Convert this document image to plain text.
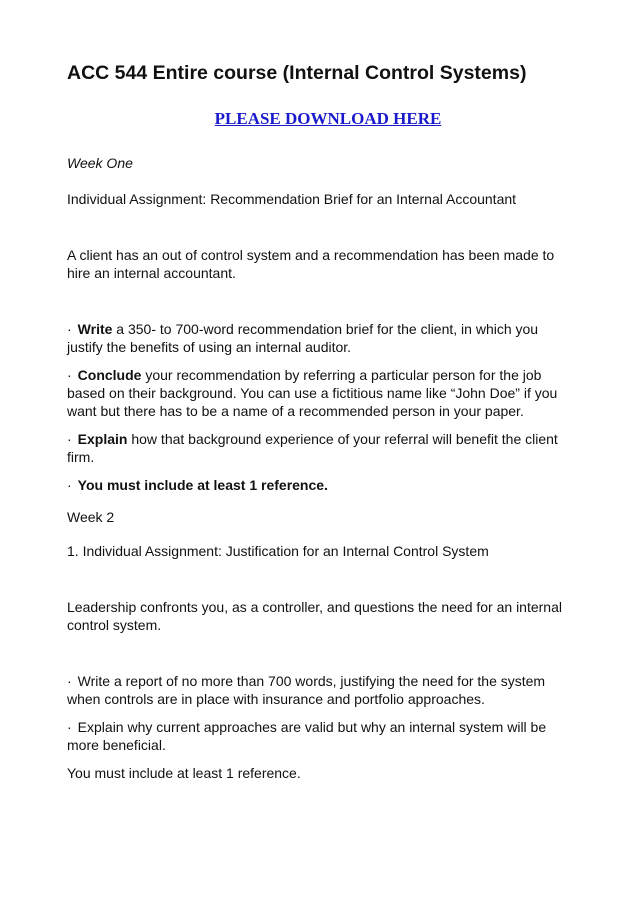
ACC 544 Entire course (Internal Control Systems)
PLEASE DOWNLOAD HERE

Week One

Individual Assignment: Recommendation Brief for an Internal Accountant

A client has an out of control system and a recommendation has been made to

hire an internal accountant.

· Write a 350- to 700-word recommendation brief for the client, in which you

justify the benefits of using an internal auditor.

· Conclude your recommendation by referring a particular person for the job

based on their background. You can use a fictitious name like “John Doe” if you

want but there has to be a name of a recommended person in your paper.

· Explain how that background experience of your referral will benefit the client

firm.

· You must include at least 1 reference.

Week 2

1. Individual Assignment: Justification for an Internal Control System

Leadership confronts you, as a controller, and questions the need for an internal

control system.

· Write a report of no more than 700 words, justifying the need for the system

when controls are in place with insurance and portfolio approaches.

· Explain why current approaches are valid but why an internal system will be

more beneficial.

You must include at least 1 reference.
